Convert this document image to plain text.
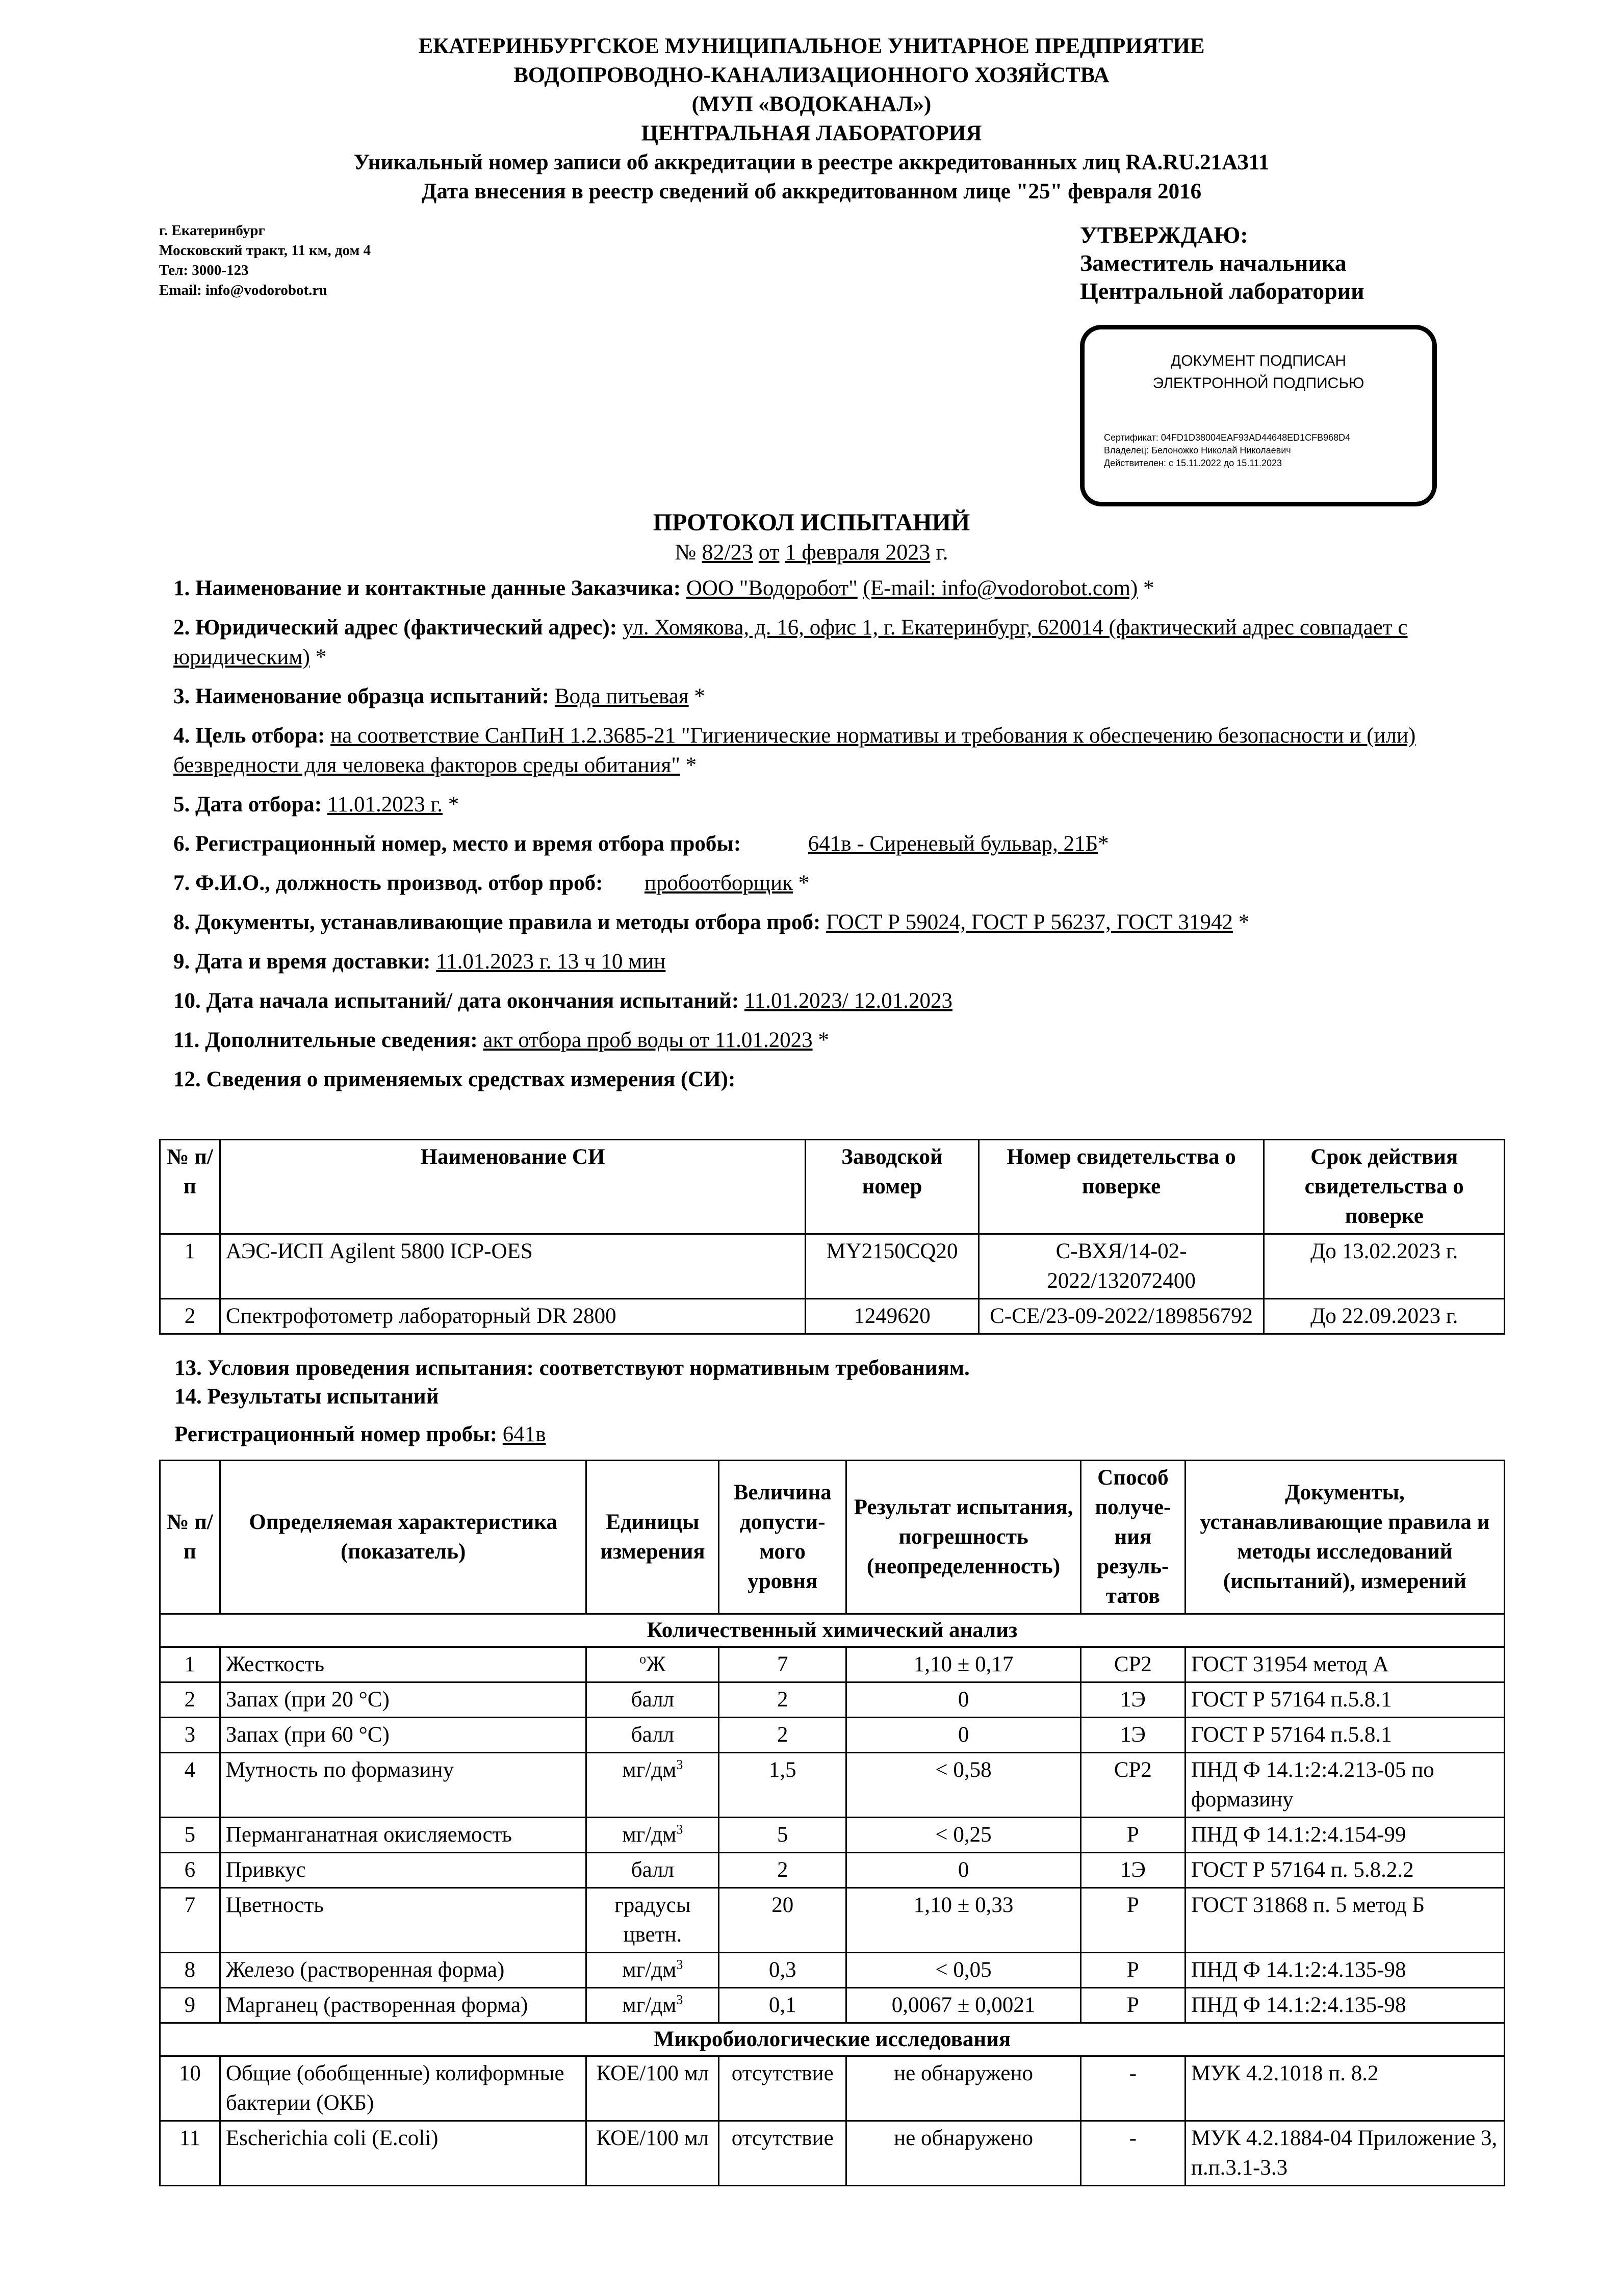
ЕКАТЕРИНБУРГСКОЕ МУНИЦИПАЛЬНОЕ УНИТАРНОЕ ПРЕДПРИЯТИЕ
ВОДОПРОВОДНО-КАНАЛИЗАЦИОННОГО ХОЗЯЙСТВА
(МУП «ВОДОКАНАЛ»)
ЦЕНТРАЛЬНАЯ ЛАБОРАТОРИЯ
Уникальный номер записи об аккредитации в реестре аккредитованных лиц RA.RU.21АЗ11
Дата внесения в реестр сведений об аккредитованном лице "25" февраля 2016
г. Екатеринбург
Московский тракт, 11 км, дом 4
Тел: 3000-123
Email: info@vodorobot.ru
УТВЕРЖДАЮ:
Заместитель начальника
Центральной лаборатории
ДОКУМЕНТ ПОДПИСАН
ЭЛЕКТРОННОЙ ПОДПИСЬЮ
Сертификат: 04FD1D38004EAF93AD44648ED1CFB968D4
Владелец: Белоножко Николай Николаевич
Действителен: с 15.11.2022 до 15.11.2023
ПРОТОКОЛ ИСПЫТАНИЙ
№ 82/23 от 1 февраля 2023 г.
1. Наименование и контактные данные Заказчика: ООО "Водоробот" (E-mail: info@vodorobot.com) *
2. Юридический адрес (фактический адрес): ул. Хомякова, д. 16, офис 1, г. Екатеринбург, 620014 (фактический адрес совпадает с юридическим) *
3. Наименование образца испытаний: Вода питьевая *
4. Цель отбора: на соответствие СанПиН 1.2.3685-21 "Гигиенические нормативы и требования к обеспечению безопасности и (или) безвредности для человека факторов среды обитания" *
5. Дата отбора: 11.01.2023 г. *
6. Регистрационный номер, место и время отбора пробы:	641в - Сиреневый бульвар, 21Б*
7. Ф.И.О., должность производ. отбор проб: пробоотборщик *
8. Документы, устанавливающие правила и методы отбора проб: ГОСТ Р 59024, ГОСТ Р 56237, ГОСТ 31942 *
9. Дата и время доставки: 11.01.2023 г. 13 ч 10 мин
10. Дата начала испытаний/ дата окончания испытаний: 11.01.2023/ 12.01.2023
11. Дополнительные сведения: акт отбора проб воды от 11.01.2023 *
12. Сведения о применяемых средствах измерения (СИ):
№ п/п	Наименование СИ	Заводской номер	Номер свидетельства о поверке	Срок действия свидетельства о поверке
1	АЭС-ИСП Agilent 5800 ICP-OES	MY2150CQ20	С-ВХЯ/14-02-2022/132072400	До 13.02.2023 г.
2	Спектрофотометр лабораторный DR 2800	1249620	С-СЕ/23-09-2022/189856792	До 22.09.2023 г.
13. Условия проведения испытания: соответствуют нормативным требованиям.
14. Результаты испытаний
Регистрационный номер пробы: 641в
№ п/п	Определяемая характеристика (показатель)	Единицы измерения	Величина допусти-мого уровня	Результат испытания, погрешность (неопределенность)	Способ получе-ния резуль-татов	Документы, устанавливающие правила и методы исследований (испытаний), измерений
Количественный химический анализ						
1	Жесткость	$^о$Ж	7	1,10 ± 0,17	СР2	ГОСТ 31954 метод А
2	Запах (при 20 °С)	балл	2	0	1Э	ГОСТ Р 57164 п.5.8.1
3	Запах (при 60 °С)	балл	2	0	1Э	ГОСТ Р 57164 п.5.8.1
4	Мутность по формазину	$мг/дм^3$	1,5	< 0,58	СР2	ПНД Ф 14.1:2:4.213-05 по формазину
5	Перманганатная окисляемость	$мг/дм^3$	5	< 0,25	Р	ПНД Ф 14.1:2:4.154-99
6	Привкус	балл	2	0	1Э	ГОСТ Р 57164 п. 5.8.2.2
7	Цветность	градусы цветн.	20	1,10 ± 0,33	Р	ГОСТ 31868 п. 5 метод Б
8	Железо (растворенная форма)	$мг/дм^3$	0,3	< 0,05	Р	ПНД Ф 14.1:2:4.135-98
9	Марганец (растворенная форма)	$мг/дм^3$	0,1	0,0067 ± 0,0021	Р	ПНД Ф 14.1:2:4.135-98
Микробиологические исследования						
10	Общие (обобщенные) колиформные бактерии (ОКБ)	КОЕ/100 мл	отсутствие	не обнаружено	-	МУК 4.2.1018 п. 8.2
11	Escherichia coli (E.coli)	КОЕ/100 мл	отсутствие	не обнаружено	-	МУК 4.2.1884-04 Приложение 3, п.п.3.1-3.3
